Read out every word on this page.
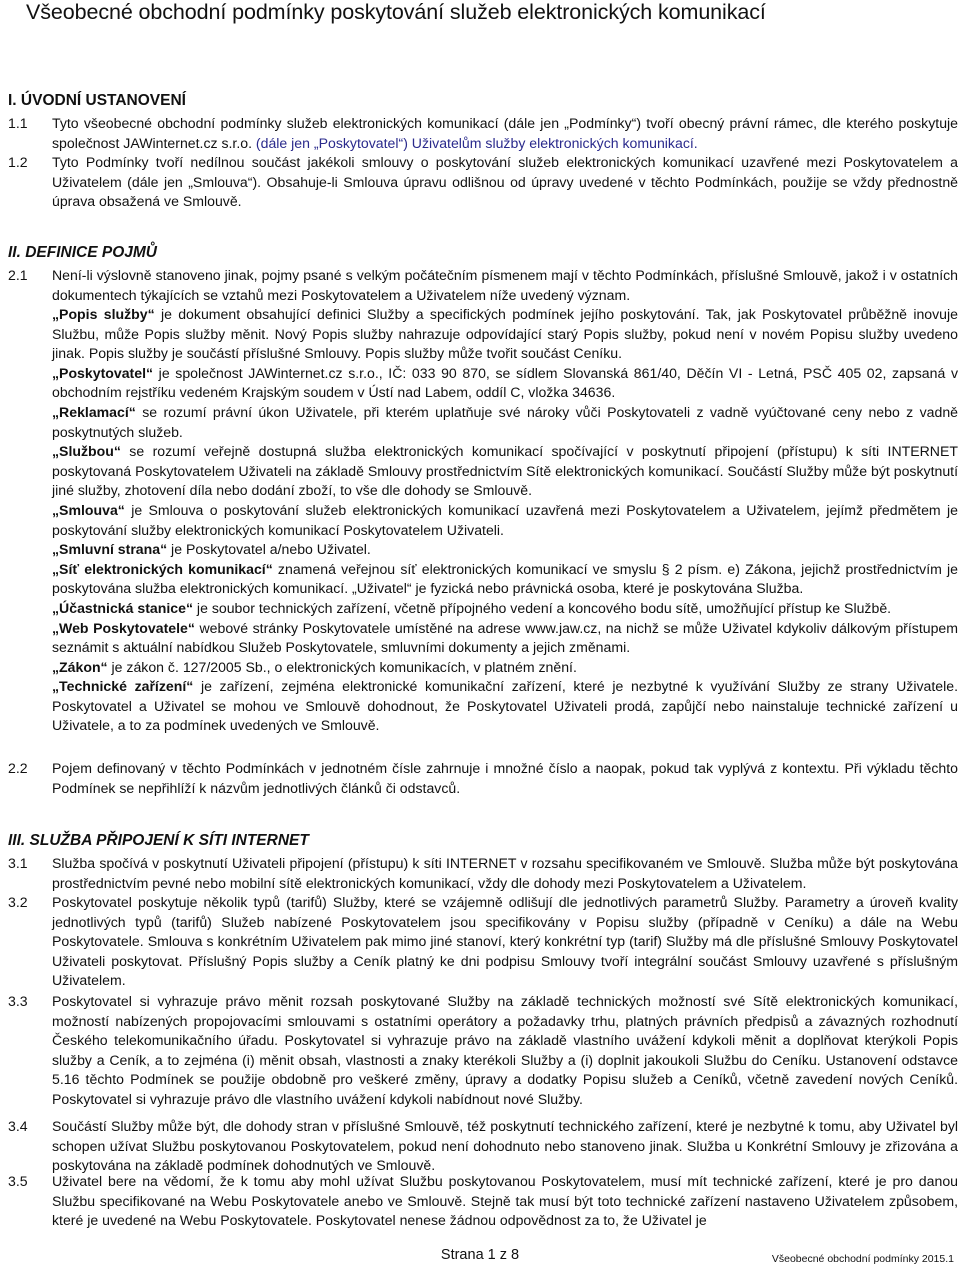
Všeobecné obchodní podmínky poskytování služeb elektronických komunikací
I. ÚVODNÍ USTANOVENÍ
1.1	Tyto všeobecné obchodní podmínky služeb elektronických komunikací (dále jen „Podmínky“) tvoří obecný právní rámec, dle kterého poskytuje společnost JAWinternet.cz s.r.o. (dále jen „Poskytovatel“) Uživatelům služby elektronických komunikací.
1.2	Tyto Podmínky tvoří nedílnou součást jakékoli smlouvy o poskytování služeb elektronických komunikací uzavřené mezi Poskytovatelem a Uživatelem (dále jen „Smlouva“). Obsahuje-li Smlouva úpravu odlišnou od úpravy uvedené v těchto Podmínkách, použije se vždy přednostně úprava obsažená ve Smlouvě.
II. DEFINICE POJMŮ
2.1	Není-li výslovně stanoveno jinak, pojmy psané s velkým počátečním písmenem mají v těchto Podmínkách, příslušné Smlouvě, jakož i v ostatních dokumentech týkajících se vztahů mezi Poskytovatelem a Uživatelem níže uvedený význam.
„Popis služby“ je dokument obsahující definici Služby a specifických podmínek jejího poskytování. Tak, jak Poskytovatel průběžně inovuje Službu, může Popis služby měnit. Nový Popis služby nahrazuje odpovídající starý Popis služby, pokud není v novém Popisu služby uvedeno jinak. Popis služby je součástí příslušné Smlouvy. Popis služby může tvořit součást Ceníku.
„Poskytovatel“ je společnost JAWinternet.cz s.r.o., IČ: 033 90 870, se sídlem Slovanská 861/40, Děčín VI - Letná, PSČ 405 02, zapsaná v obchodním rejstříku vedeném Krajským soudem v Ústí nad Labem, oddíl C, vložka 34636.
„Reklamací“ se rozumí právní úkon Uživatele, při kterém uplatňuje své nároky vůči Poskytovateli z vadně vyúčtované ceny nebo z vadně poskytnutých služeb.
„Službou“ se rozumí veřejně dostupná služba elektronických komunikací spočívající v poskytnutí připojení (přístupu) k síti INTERNET poskytovaná Poskytovatelem Uživateli na základě Smlouvy prostřednictvím Sítě elektronických komunikací. Součástí Služby může být poskytnutí jiné služby, zhotovení díla nebo dodání zboží, to vše dle dohody se Smlouvě.
„Smlouva“ je Smlouva o poskytování služeb elektronických komunikací uzavřená mezi Poskytovatelem a Uživatelem, jejímž předmětem je poskytování služby elektronických komunikací Poskytovatelem Uživateli.
„Smluvní strana“ je Poskytovatel a/nebo Uživatel.
„Síť elektronických komunikací“ znamená veřejnou síť elektronických komunikací ve smyslu § 2 písm. e) Zákona, jejichž prostřednictvím je poskytována služba elektronických komunikací. „Uživatel“ je fyzická nebo právnická osoba, které je poskytována Služba.
„Účastnická stanice“ je soubor technických zařízení, včetně přípojného vedení a koncového bodu sítě, umožňující přístup ke Službě.
„Web Poskytovatele“ webové stránky Poskytovatele umístěné na adrese www.jaw.cz, na nichž se může Uživatel kdykoliv dálkovým přístupem seznámit s aktuální nabídkou Služeb Poskytovatele, smluvními dokumenty a jejich změnami.
„Zákon“ je zákon č. 127/2005 Sb., o elektronických komunikacích, v platném znění.
„Technické zařízení“ je zařízení, zejména elektronické komunikační zařízení, které je nezbytné k využívání Služby ze strany Uživatele. Poskytovatel a Uživatel se mohou ve Smlouvě dohodnout, že Poskytovatel Uživateli prodá, zapůjčí nebo nainstaluje technické zařízení u Uživatele, a to za podmínek uvedených ve Smlouvě.
2.2	Pojem definovaný v těchto Podmínkách v jednotném čísle zahrnuje i množné číslo a naopak, pokud tak vyplývá z kontextu. Při výkladu těchto Podmínek se nepřihlíží k názvům jednotlivých článků či odstavců.
III. SLUŽBA PŘIPOJENÍ K SÍTI INTERNET
3.1	Služba spočívá v poskytnutí Uživateli připojení (přístupu) k síti INTERNET v rozsahu specifikovaném ve Smlouvě. Služba může být poskytována prostřednictvím pevné nebo mobilní sítě elektronických komunikací, vždy dle dohody mezi Poskytovatelem a Uživatelem.
3.2	Poskytovatel poskytuje několik typů (tarifů) Služby, které se vzájemně odlišují dle jednotlivých parametrů Služby. Parametry a úroveň kvality jednotlivých typů (tarifů) Služeb nabízené Poskytovatelem jsou specifikovány v Popisu služby (případně v Ceníku) a dále na Webu Poskytovatele. Smlouva s konkrétním Uživatelem pak mimo jiné stanoví, který konkrétní typ (tarif) Služby má dle příslušné Smlouvy Poskytovatel Uživateli poskytovat. Příslušný Popis služby a Ceník platný ke dni podpisu Smlouvy tvoří integrální součást Smlouvy uzavřené s příslušným Uživatelem.
3.3	Poskytovatel si vyhrazuje právo měnit rozsah poskytované Služby na základě technických možností své Sítě elektronických komunikací, možností nabízených propojovacími smlouvami s ostatními operátory a požadavky trhu, platných právních předpisů a závazných rozhodnutí Českého telekomunikačního úřadu. Poskytovatel si vyhrazuje právo na základě vlastního uvážení kdykoli měnit a doplňovat kterýkoli Popis služby a Ceník, a to zejména (i) měnit obsah, vlastnosti a znaky kterékoli Služby a (i) doplnit jakoukoli Službu do Ceníku. Ustanovení odstavce 5.16 těchto Podmínek se použije obdobně pro veškeré změny, úpravy a dodatky Popisu služeb a Ceníků, včetně zavedení nových Ceníků. Poskytovatel si vyhrazuje právo dle vlastního uvážení kdykoli nabídnout nové Služby.
3.4	Součástí Služby může být, dle dohody stran v příslušné Smlouvě, též poskytnutí technického zařízení, které je nezbytné k tomu, aby Uživatel byl schopen užívat Službu poskytovanou Poskytovatelem, pokud není dohodnuto nebo stanoveno jinak. Služba u Konkrétní Smlouvy je zřizována a poskytována na základě podmínek dohodnutých ve Smlouvě.
3.5	Uživatel bere na vědomí, že k tomu aby mohl užívat Službu poskytovanou Poskytovatelem, musí mít technické zařízení, které je pro danou Službu specifikované na Webu Poskytovatele anebo ve Smlouvě. Stejně tak musí být toto technické zařízení nastaveno Uživatelem způsobem, které je uvedené na Webu Poskytovatele. Poskytovatel nenese žádnou odpovědnost za to, že Uživatel je
Strana 1 z 8	Všeobecné obchodní podmínky 2015.1
